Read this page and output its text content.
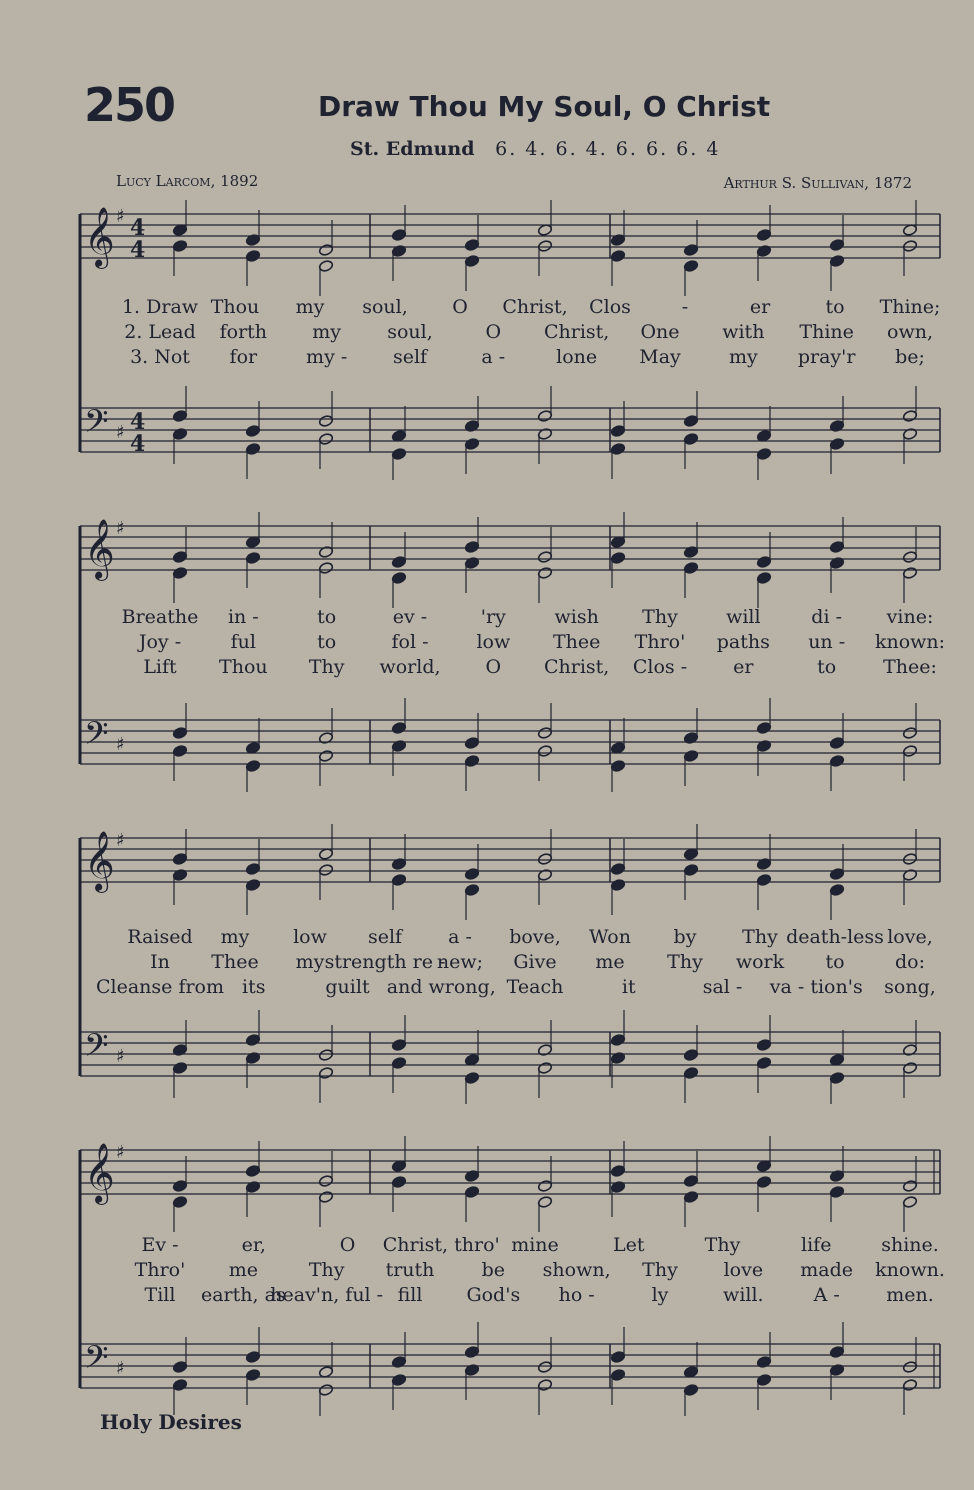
250	Draw Thou My Soul, O Christ
St. Edmund 6. 4. 6. 4. 6. 6. 6. 4
Lucy Larcom, 1892	Arthur S. Sullivan, 1872
𝄞
𝄢
♯
♯
4
4
4
4
1. Draw Thou my soul, O Christ, Clos	-	er	to Thine;
2. Lead forth my soul,	O Christ, One with Thine own,
3. Not for	my - self	a -	lone May	my pray'r be;
𝄞
𝄢
♯
♯
Breathe in -	to	ev -	'ry	wish Thy	will	di - vine:
Joy -	ful	to	fol -	low Thee Thro' paths un - known:
Lift Thou Thy world, O Christ, Clos - er	to Thee:
𝄞
𝄢
♯
♯
Raised my low self a - bove, Won by Thy death-less love,
In Thee my strength re -
new; Give me Thy work to	do:
Cleanse from its	guilt and wrong, Teach	it	sal - va - tion's song,
𝄞
𝄢
♯
♯
Ev -	er,	O Christ, thro' mine	Let	Thy	life	shine.
Thro' me	Thy truth be shown, Thy love made known.
Till earth, as
heav'n, ful - fill God's ho -	ly	will.	A - men.
Holy Desires
